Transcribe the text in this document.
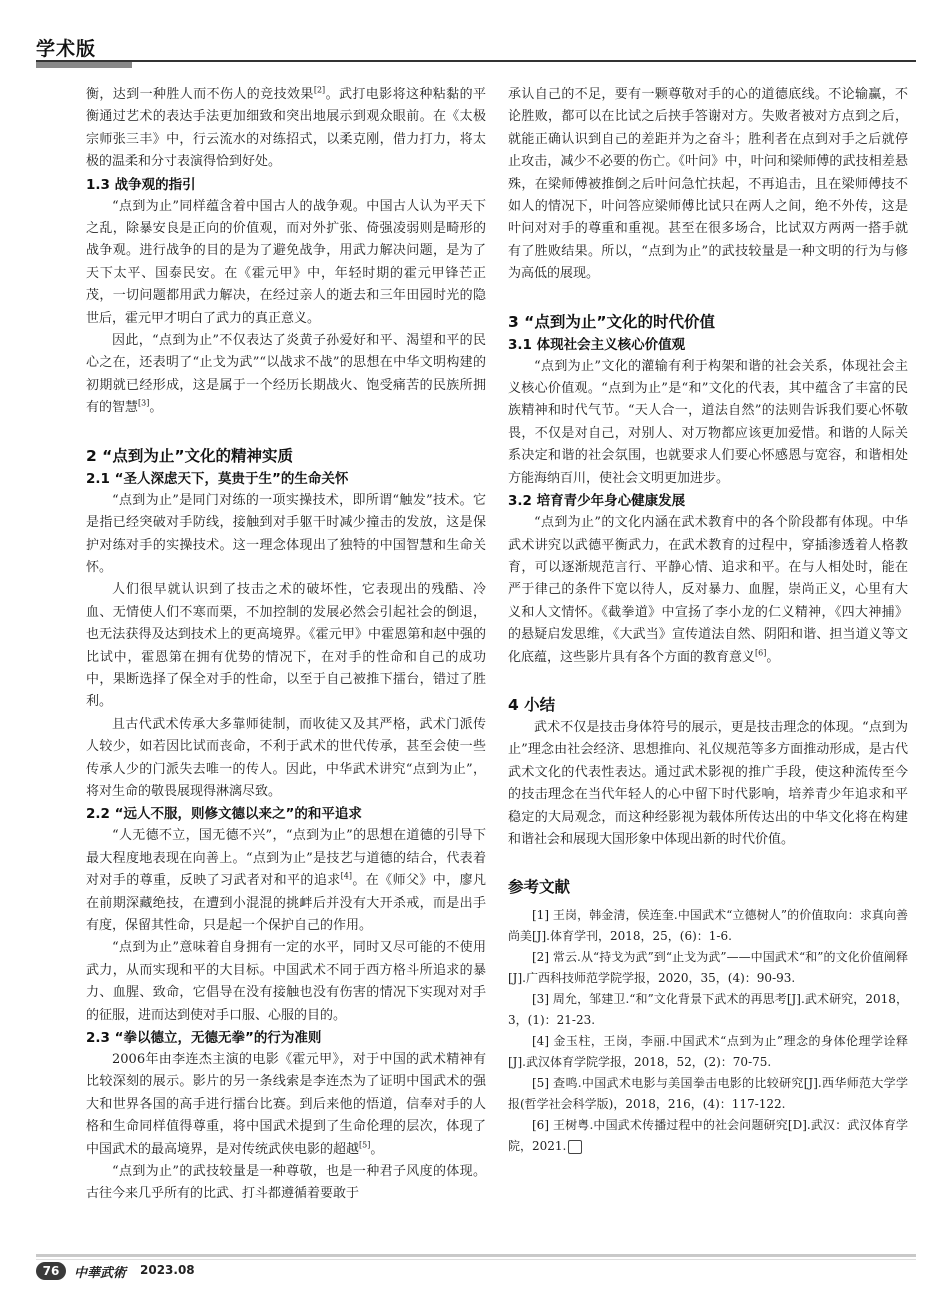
学术版

衡，达到一种胜人而不伤人的竞技效果[2]。武打电影将这种粘黏的平衡通过艺术的表达手法更加细致和突出地展示到观众眼前。在《太极宗师张三丰》中，行云流水的对练招式，以柔克刚，借力打力，将太极的温柔和分寸表演得恰到好处。

1.3 战争观的指引

“点到为止”同样蕴含着中国古人的战争观。中国古人认为平天下之乱，除暴安良是正向的价值观，而对外扩张、倚强凌弱则是畸形的战争观。进行战争的目的是为了避免战争，用武力解决问题，是为了天下太平、国泰民安。在《霍元甲》中，年轻时期的霍元甲锋芒正茂，一切问题都用武力解决，在经过亲人的逝去和三年田园时光的隐世后，霍元甲才明白了武力的真正意义。

因此，“点到为止”不仅表达了炎黄子孙爱好和平、渴望和平的民心之在，还表明了“止戈为武”“以战求不战”的思想在中华文明构建的初期就已经形成，这是属于一个经历长期战火、饱受痛苦的民族所拥有的智慧[3]。

2 “点到为止”文化的精神实质
2.1 “圣人深虑天下，莫贵于生”的生命关怀

“点到为止”是同门对练的一项实操技术，即所谓“触发”技术。它是指已经突破对手防线，接触到对手躯干时减少撞击的发放，这是保护对练对手的实操技术。这一理念体现出了独特的中国智慧和生命关怀。

人们很早就认识到了技击之术的破坏性，它表现出的残酷、冷血、无情使人们不寒而栗，不加控制的发展必然会引起社会的倒退，也无法获得及达到技术上的更高境界。《霍元甲》中霍恩第和赵中强的比试中，霍恩第在拥有优势的情况下，在对手的性命和自己的成功中，果断选择了保全对手的性命，以至于自己被推下擂台，错过了胜利。

且古代武术传承大多靠师徒制，而收徒又及其严格，武术门派传人较少，如若因比试而丧命，不利于武术的世代传承，甚至会使一些传承人少的门派失去唯一的传人。因此，中华武术讲究“点到为止”，将对生命的敬畏展现得淋漓尽致。

2.2 “远人不服，则修文德以来之”的和平追求

“人无德不立，国无德不兴”，“点到为止”的思想在道德的引导下最大程度地表现在向善上。“点到为止”是技艺与道德的结合，代表着对对手的尊重，反映了习武者对和平的追求[4]。在《师父》中，廖凡在前期深藏绝技，在遭到小混混的挑衅后并没有大开杀戒，而是出手有度，保留其性命，只是起一个保护自己的作用。

“点到为止”意味着自身拥有一定的水平，同时又尽可能的不使用武力，从而实现和平的大目标。中国武术不同于西方格斗所追求的暴力、血腥、致命，它倡导在没有接触也没有伤害的情况下实现对对手的征服，进而达到使对手口服、心服的目的。

2.3 “拳以德立，无德无拳”的行为准则

2006年由李连杰主演的电影《霍元甲》，对于中国的武术精神有比较深刻的展示。影片的另一条线索是李连杰为了证明中国武术的强大和世界各国的高手进行擂台比赛。到后来他的悟道，信奉对手的人格和生命同样值得尊重，将中国武术提到了生命伦理的层次，体现了中国武术的最高境界，是对传统武侠电影的超越[5]。

“点到为止”的武技较量是一种尊敬，也是一种君子风度的体现。古往今来几乎所有的比武、打斗都遵循着要敢于

承认自己的不足，要有一颗尊敬对手的心的道德底线。不论输赢，不论胜败，都可以在比试之后挟手答谢对方。失败者被对方点到之后，就能正确认识到自己的差距并为之奋斗；胜利者在点到对手之后就停止攻击，减少不必要的伤亡。《叶问》中，叶问和梁师傅的武技相差悬殊，在梁师傅被推倒之后叶问急忙扶起，不再追击，且在梁师傅技不如人的情况下，叶问答应梁师傅比试只在两人之间，绝不外传，这是叶问对对手的尊重和重视。甚至在很多场合，比试双方两两一搭手就有了胜败结果。所以，“点到为止”的武技较量是一种文明的行为与修为高低的展现。

3 “点到为止”文化的时代价值
3.1 体现社会主义核心价值观

“点到为止”文化的灌输有利于构架和谐的社会关系，体现社会主义核心价值观。“点到为止”是“和”文化的代表，其中蕴含了丰富的民族精神和时代气节。“天人合一，道法自然”的法则告诉我们要心怀敬畏，不仅是对自己，对别人、对万物都应该更加爱惜。和谐的人际关系决定和谐的社会氛围，也就要求人们要心怀感恩与宽容，和谐相处方能海纳百川，使社会文明更加进步。

3.2 培育青少年身心健康发展

“点到为止”的文化内涵在武术教育中的各个阶段都有体现。中华武术讲究以武德平衡武力，在武术教育的过程中，穿插渗透着人格教育，可以逐渐规范言行、平静心情、追求和平。在与人相处时，能在严于律己的条件下宽以待人，反对暴力、血腥，崇尚正义，心里有大义和人文情怀。《截拳道》中宣扬了李小龙的仁义精神，《四大神捕》的悬疑启发思维，《大武当》宣传道法自然、阴阳和谐、担当道义等文化底蕴，这些影片具有各个方面的教育意义[6]。

4 小结

武术不仅是技击身体符号的展示，更是技击理念的体现。“点到为止”理念由社会经济、思想推向、礼仪规范等多方面推动形成，是古代武术文化的代表性表达。通过武术影视的推广手段，使这种流传至今的技击理念在当代年轻人的心中留下时代影响，培养青少年追求和平稳定的大局观念，而这种经影视为载体所传达出的中华文化将在构建和谐社会和展现大国形象中体现出新的时代价值。

参考文献

[1] 王岗，韩金清，侯连奎.中国武术“立德树人”的价值取向：求真向善尚美[J].体育学刊，2018，25，(6)：1-6.

[2] 常云.从“持戈为武”到“止戈为武”——中国武术“和”的文化价值阐释[J].广西科技师范学院学报，2020，35，(4)：90-93.

[3] 周允，邹建卫.“和”文化背景下武术的再思考[J].武术研究，2018，3，(1)：21-23.

[4] 金玉柱，王岗，李丽.中国武术“点到为止”理念的身体伦理学诠释[J].武汉体育学院学报，2018，52，(2)：70-75.

[5] 查鸣.中国武术电影与美国拳击电影的比较研究[J].西华师范大学学报(哲学社会科学版)，2018，216，(4)：117-122.

[6] 王树粤.中国武术传播过程中的社会问题研究[D].武汉：武汉体育学院，2021.

76	中華武術 2023.08
